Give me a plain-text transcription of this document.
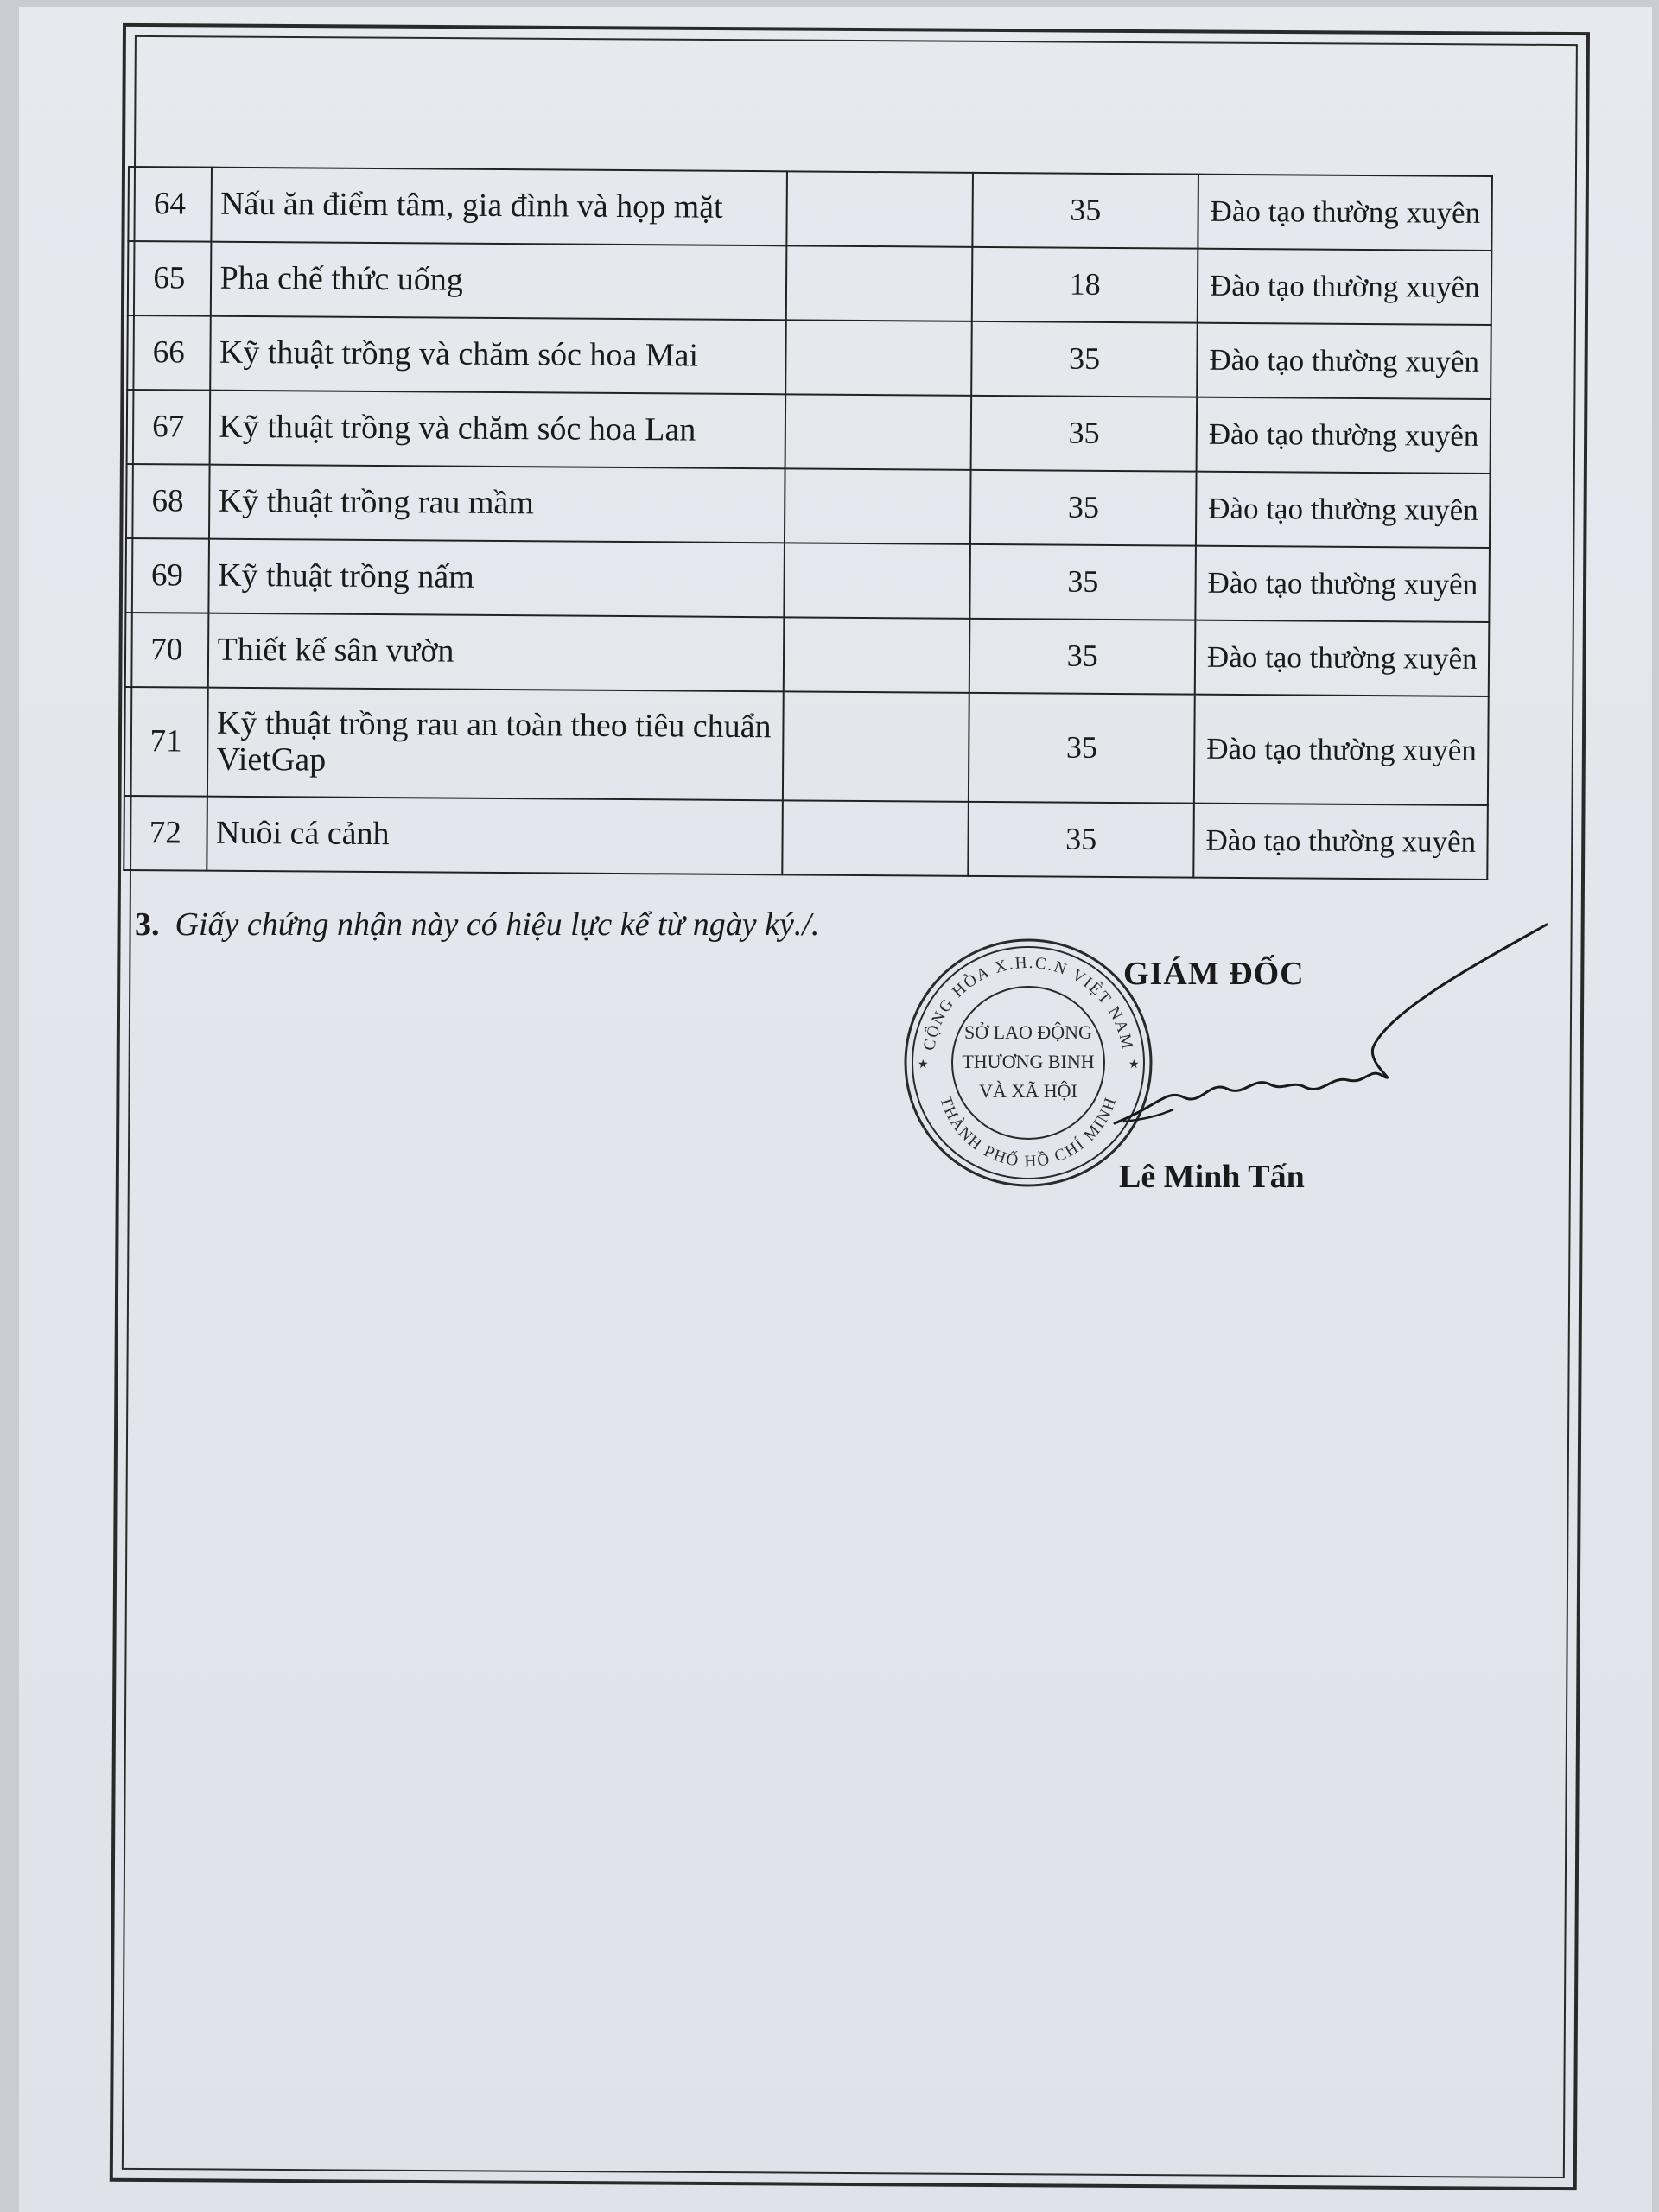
64	Nấu ăn điểm tâm, gia đình và họp mặt		35	Đào tạo thường xuyên
65	Pha chế thức uống		18	Đào tạo thường xuyên
66	Kỹ thuật trồng và chăm sóc hoa Mai		35	Đào tạo thường xuyên
67	Kỹ thuật trồng và chăm sóc hoa Lan		35	Đào tạo thường xuyên
68	Kỹ thuật trồng rau mầm		35	Đào tạo thường xuyên
69	Kỹ thuật trồng nấm		35	Đào tạo thường xuyên
70	Thiết kế sân vườn		35	Đào tạo thường xuyên
71	Kỹ thuật trồng rau an toàn theo tiêu chuẩn VietGap		35	Đào tạo thường xuyên
72	Nuôi cá cảnh		35	Đào tạo thường xuyên
3. Giấy chứng nhận này có hiệu lực kể từ ngày ký./.
CỘNG HÒA X.H.C.N VIỆT NAM
THÀNH PHỐ HỒ CHÍ MINH
SỞ LAO ĐỘNG
THƯƠNG BINH
VÀ XÃ HỘI
★	★
GIÁM ĐỐC
Lê Minh Tấn
